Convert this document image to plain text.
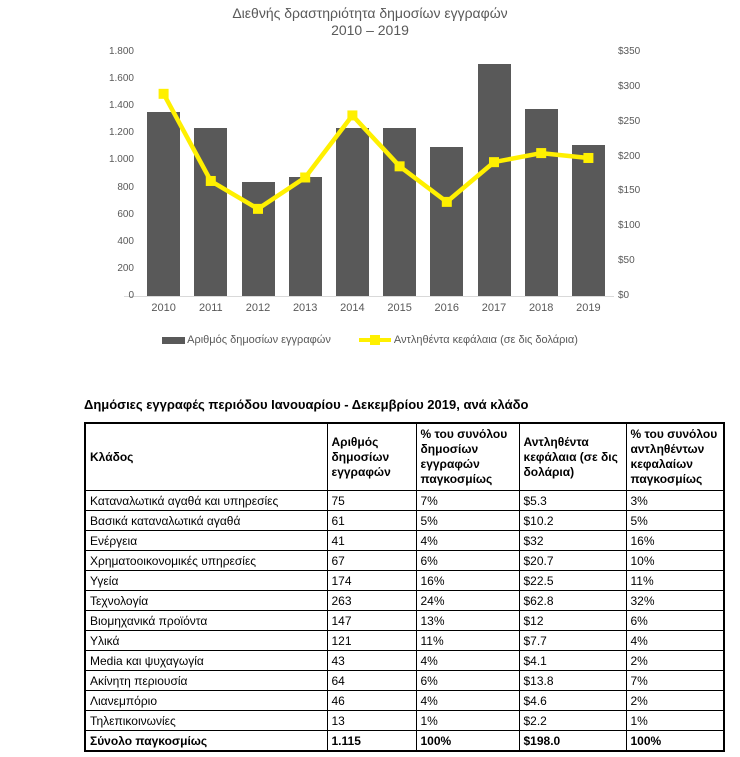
Διεθνής δραστηριότητα δημοσίων εγγραφών
2010 – 2019
0
200
400
600
800
1.000
1.200
1.400
1.600
1.800
$0
$50
$100
$150
$200
$250
$300
$350
2010	2011	2012	2013	2014	2015	2016	2017	2018	2019
Αριθμός δημοσίων εγγραφών	Αντληθέντα κεφάλαια (σε δις δολάρια)

Δημόσιες εγγραφές περιόδου Ιανουαρίου - Δεκεμβρίου 2019, ανά κλάδο

Κλάδος	Αριθμός δημοσίων εγγραφών	% του συνόλου δημοσίων εγγραφών παγκοσμίως	Αντληθέντα κεφάλαια (σε δις δολάρια)	% του συνόλου αντληθέντων κεφαλαίων παγκοσμίως
Καταναλωτικά αγαθά και υπηρεσίες	75	7%	$5.3	3%
Βασικά καταναλωτικά αγαθά	61	5%	$10.2	5%
Ενέργεια	41	4%	$32	16%
Χρηματοοικονομικές υπηρεσίες	67	6%	$20.7	10%
Υγεία	174	16%	$22.5	11%
Τεχνολογία	263	24%	$62.8	32%
Βιομηχανικά προϊόντα	147	13%	$12	6%
Υλικά	121	11%	$7.7	4%
Media και ψυχαγωγία	43	4%	$4.1	2%
Ακίνητη περιουσία	64	6%	$13.8	7%
Λιανεμπόριο	46	4%	$4.6	2%
Τηλεπικοινωνίες	13	1%	$2.2	1%
Σύνολο παγκοσμίως	1.115	100%	$198.0	100%
